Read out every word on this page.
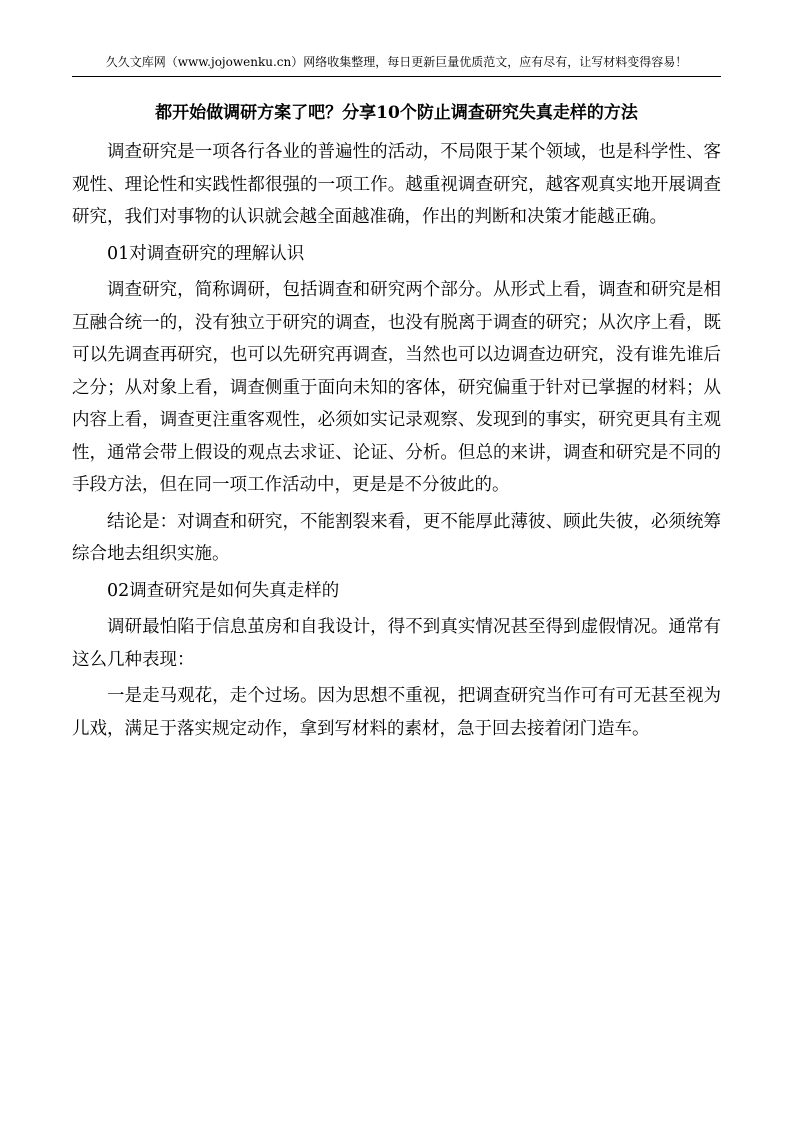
久久文库网（www.jojowenku.cn）网络收集整理，每日更新巨量优质范文，应有尽有，让写材料变得容易！
都开始做调研方案了吧？分享10个防止调查研究失真走样的方法

调查研究是一项各行各业的普遍性的活动，不局限于某个领域，也是科学性、客观性、理论性和实践性都很强的一项工作。越重视调查研究，越客观真实地开展调查研究，我们对事物的认识就会越全面越准确，作出的判断和决策才能越正确。

01对调查研究的理解认识

调查研究，简称调研，包括调查和研究两个部分。从形式上看，调查和研究是相互融合统一的，没有独立于研究的调查，也没有脱离于调查的研究；从次序上看，既可以先调查再研究，也可以先研究再调查，当然也可以边调查边研究，没有谁先谁后之分；从对象上看，调查侧重于面向未知的客体，研究偏重于针对已掌握的材料；从内容上看，调查更注重客观性，必须如实记录观察、发现到的事实，研究更具有主观性，通常会带上假设的观点去求证、论证、分析。但总的来讲，调查和研究是不同的手段方法，但在同一项工作活动中，更是是不分彼此的。

结论是：对调查和研究，不能割裂来看，更不能厚此薄彼、顾此失彼，必须统筹综合地去组织实施。

02调查研究是如何失真走样的

调研最怕陷于信息茧房和自我设计，得不到真实情况甚至得到虚假情况。通常有这么几种表现：

一是走马观花，走个过场。因为思想不重视，把调查研究当作可有可无甚至视为儿戏，满足于落实规定动作，拿到写材料的素材，急于回去接着闭门造车。
